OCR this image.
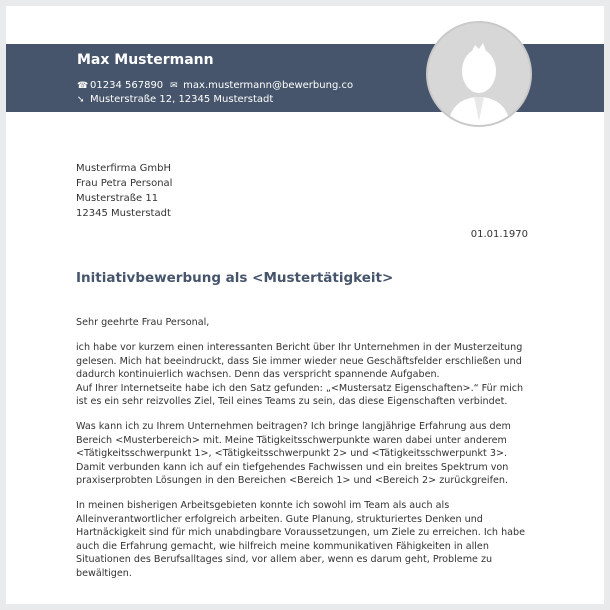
Max Mustermann
☎ 01234 567890 ✉ max.mustermann@bewerbung.co
➘ Musterstraße 12, 12345 Musterstadt
Musterfirma GmbH
Frau Petra Personal
Musterstraße 11
12345 Musterstadt
01.01.1970
Initiativbewerbung als <Mustertätigkeit>

Sehr geehrte Frau Personal,

ich habe vor kurzem einen interessanten Bericht über Ihr Unternehmen in der Musterzeitung gelesen. Mich hat beeindruckt, dass Sie immer wieder neue Geschäftsfelder erschließen und dadurch kontinuierlich wachsen. Denn das verspricht spannende Aufgaben.

Auf Ihrer Internetseite habe ich den Satz gefunden: „<Mustersatz Eigenschaften>.“ Für mich ist es ein sehr reizvolles Ziel, Teil eines Teams zu sein, das diese Eigenschaften verbindet.

Was kann ich zu Ihrem Unternehmen beitragen? Ich bringe langjährige Erfahrung aus dem Bereich <Musterbereich> mit. Meine Tätigkeitsschwerpunkte waren dabei unter anderem <Tätigkeitsschwerpunkt 1>, <Tätigkeitsschwerpunkt 2> und <Tätigkeitsschwerpunkt 3>. Damit verbunden kann ich auf ein tiefgehendes Fachwissen und ein breites Spektrum von praxiserprobten Lösungen in den Bereichen <Bereich 1> und <Bereich 2> zurückgreifen.

In meinen bisherigen Arbeitsgebieten konnte ich sowohl im Team als auch als Alleinverantwortlicher erfolgreich arbeiten. Gute Planung, strukturiertes Denken und Hartnäckigkeit sind für mich unabdingbare Voraussetzungen, um Ziele zu erreichen. Ich habe auch die Erfahrung gemacht, wie hilfreich meine kommunikativen Fähigkeiten in allen Situationen des Berufsalltages sind, vor allem aber, wenn es darum geht, Probleme zu bewältigen.
